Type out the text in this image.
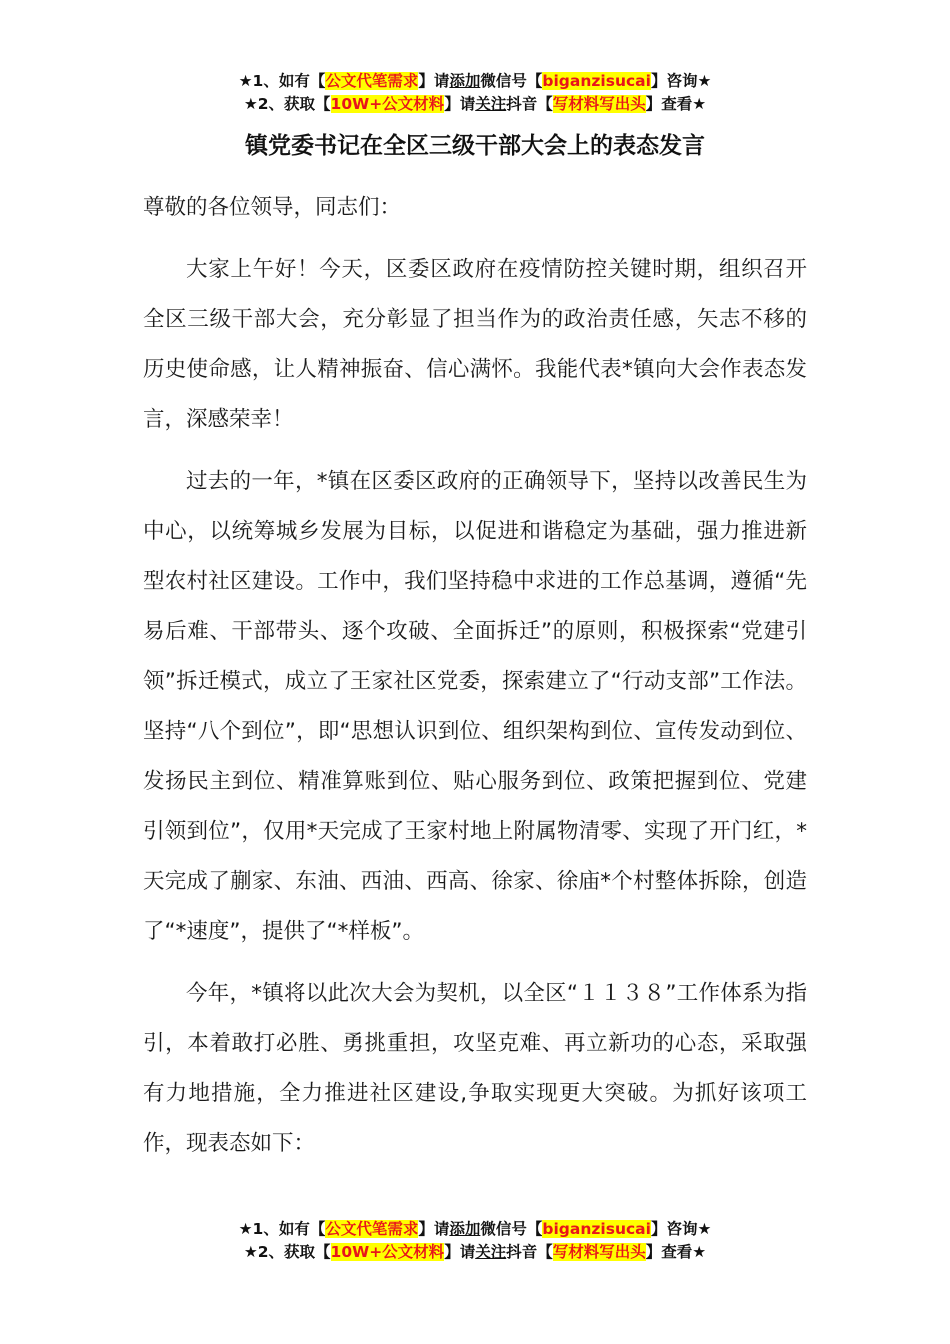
★1、如有【公文代笔需求】请添加微信号【biganzisucai】咨询★
★2、获取【10W+公文材料】请关注抖音【写材料写出头】查看★
镇党委书记在全区三级干部大会上的表态发言

尊敬的各位领导，同志们：

大家上午好！今天，区委区政府在疫情防控关键时期，组织召开全区三级干部大会，充分彰显了担当作为的政治责任感，矢志不移的历史使命感，让人精神振奋、信心满怀。我能代表*镇向大会作表态发言，深感荣幸！

过去的一年，*镇在区委区政府的正确领导下，坚持以改善民生为中心，以统筹城乡发展为目标，以促进和谐稳定为基础，强力推进新型农村社区建设。工作中，我们坚持稳中求进的工作总基调，遵循“先易后难、干部带头、逐个攻破、全面拆迁”的原则，积极探索“党建引领”拆迁模式，成立了王家社区党委，探索建立了“行动支部”工作法。坚持“八个到位”，即“思想认识到位、组织架构到位、宣传发动到位、发扬民主到位、精准算账到位、贴心服务到位、政策把握到位、党建引领到位”，仅用*天完成了王家村地上附属物清零、实现了开门红，*天完成了蒯家、东油、西油、西高、徐家、徐庙*个村整体拆除，创造了“*速度”，提供了“*样板”。

今年，*镇将以此次大会为契机，以全区“１１３８”工作体系为指引，本着敢打必胜、勇挑重担，攻坚克难、再立新功的心态，采取强有力地措施，全力推进社区建设,争取实现更大突破。为抓好该项工作，现表态如下：

★1、如有【公文代笔需求】请添加微信号【biganzisucai】咨询★
★2、获取【10W+公文材料】请关注抖音【写材料写出头】查看★
